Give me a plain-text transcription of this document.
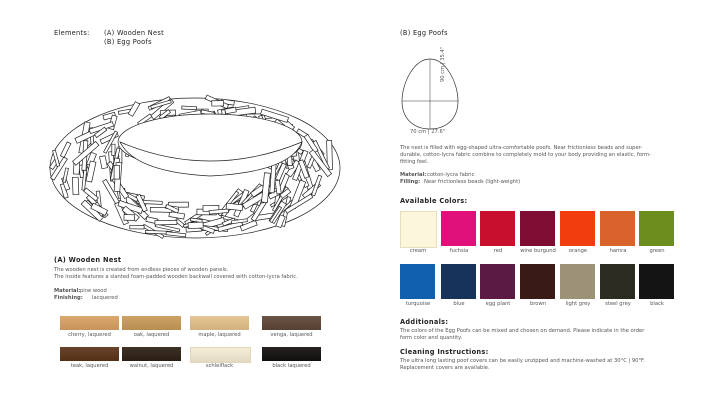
Elements: (A) Wooden Nest
(B) Egg Poofs
(A) Wooden Nest
The wooden nest is created from endless pieces of wooden panels.
The inside features a slanted foam-padded wooden backwall covered with cotton-lycra fabric.
Material: pine wood
Finishing: lacquered
cherry, laquered	oak, laquered	maple, laquered	venga, laquered
teak, laquered	walnut, laquered	schleiflack	black laquered
(B) Egg Poofs
90 cm | 35.4"
70 cm | 27.6"
The nest is filled with egg-shaped ultra-comfortable poofs. Near frictionless beads and super-
durable, cotton-lycra fabric combine to completely mold to your body providing an elastic, form-
fitting feel.
Material: cotton-lycra fabric
Filling: Near frictionless beads (light-weight)
Available Colors:
cream	fuchsia	red	wine burgund	orange	hamra	green
turquoise	blue	egg plant	brown	light grey	steel grey	black
Additionals:
The colors of the Egg Poofs can be mixed and chosen on demand. Please indicate in the order
form color and quantity.
Cleaning Instructions:
The ultra long lasting poof covers can be easily unzipped and machine-washed at 30°C | 90°F.
Replacement covers are available.
